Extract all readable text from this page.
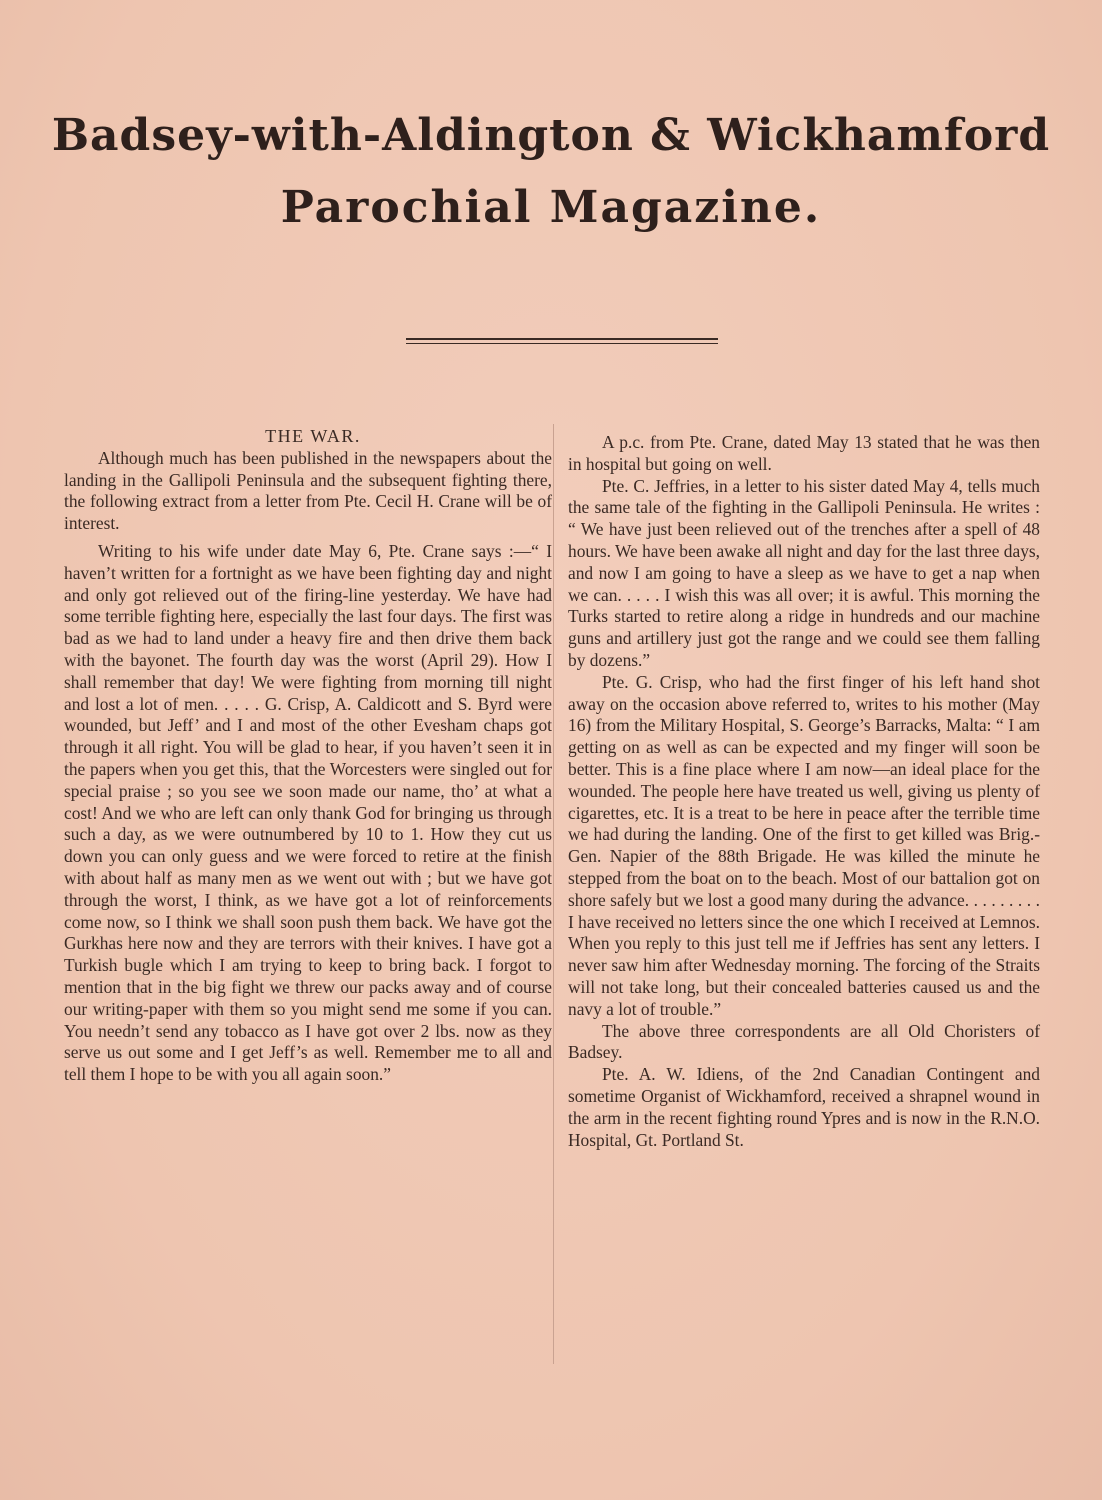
Badsey-with-Aldington & Wickhamford
Parochial Magazine.

THE WAR.

Although much has been published in the newspapers about the landing in the Gallipoli Peninsula and the subsequent fighting there, the following extract from a letter from Pte. Cecil H. Crane will be of interest.

Writing to his wife under date May 6, Pte. Crane says :—“ I haven’t written for a fortnight as we have been fighting day and night and only got relieved out of the firing-line yesterday. We have had some terrible fighting here, especially the last four days. The first was bad as we had to land under a heavy fire and then drive them back with the bayonet. The fourth day was the worst (April 29). How I shall remember that day! We were fighting from morning till night and lost a lot of men. . . . . G. Crisp, A. Caldicott and S. Byrd were wounded, but Jeff’ and I and most of the other Evesham chaps got through it all right. You will be glad to hear, if you haven’t seen it in the papers when you get this, that the Worcesters were singled out for special praise ; so you see we soon made our name, tho’ at what a cost! And we who are left can only thank God for bringing us through such a day, as we were outnumbered by 10 to 1. How they cut us down you can only guess and we were forced to retire at the finish with about half as many men as we went out with ; but we have got through the worst, I think, as we have got a lot of reinforcements come now, so I think we shall soon push them back. We have got the Gurkhas here now and they are terrors with their knives. I have got a Turkish bugle which I am trying to keep to bring back. I forgot to mention that in the big fight we threw our packs away and of course our writing-paper with them so you might send me some if you can. You needn’t send any tobacco as I have got over 2 lbs. now as they serve us out some and I get Jeff’s as well. Remember me to all and tell them I hope to be with you all again soon.”

A p.c. from Pte. Crane, dated May 13 stated that he was then in hospital but going on well.

Pte. C. Jeffries, in a letter to his sister dated May 4, tells much the same tale of the fighting in the Gallipoli Peninsula. He writes : “ We have just been relieved out of the trenches after a spell of 48 hours. We have been awake all night and day for the last three days, and now I am going to have a sleep as we have to get a nap when we can. . . . . I wish this was all over; it is awful. This morning the Turks started to retire along a ridge in hundreds and our machine guns and artillery just got the range and we could see them falling by dozens.”

Pte. G. Crisp, who had the first finger of his left hand shot away on the occasion above referred to, writes to his mother (May 16) from the Military Hospital, S. George’s Barracks, Malta: “ I am getting on as well as can be expected and my finger will soon be better. This is a fine place where I am now—an ideal place for the wounded. The people here have treated us well, giving us plenty of cigarettes, etc. It is a treat to be here in peace after the terrible time we had during the landing. One of the first to get killed was Brig.-Gen. Napier of the 88th Brigade. He was killed the minute he stepped from the boat on to the beach. Most of our battalion got on shore safely but we lost a good many during the advance. . . . . . . . . I have received no letters since the one which I received at Lemnos. When you reply to this just tell me if Jeffries has sent any letters. I never saw him after Wednesday morning. The forcing of the Straits will not take long, but their concealed batteries caused us and the navy a lot of trouble.”

The above three correspondents are all Old Choristers of Badsey.

Pte. A. W. Idiens, of the 2nd Canadian Contingent and sometime Organist of Wickhamford, received a shrapnel wound in the arm in the recent fighting round Ypres and is now in the R.N.O. Hospital, Gt. Portland St.
